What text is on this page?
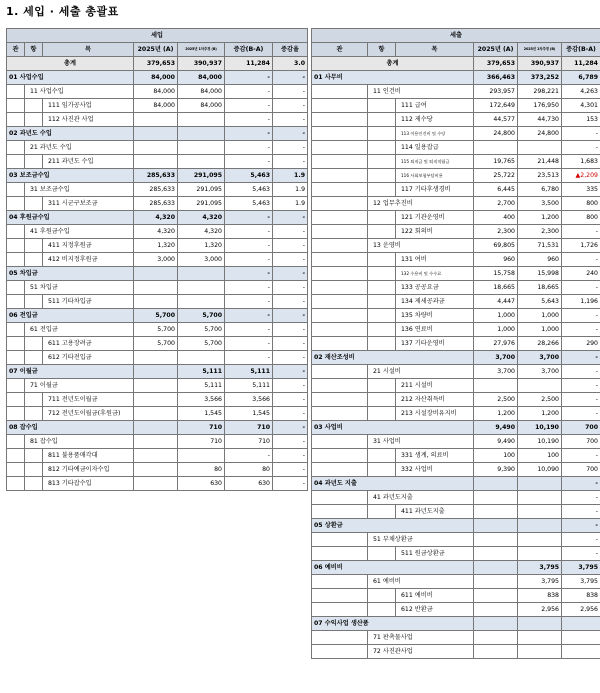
1. 세입 · 세출 총괄표
세입						
관	항	목	2025년 (A)	2025년 1차추경 (B)	증감(B-A)	증감율
총계			379,653	390,937	11,284	3.0
01 사업수입			84,000	84,000	-	-
	11 사업수입		84,000	84,000	-	-
		111 임가공사업	84,000	84,000	-	-
		112 사진관 사업			-	-
02 과년도 수입					-	-
	21 과년도 수입				-	-
		211 과년도 수입			-	-
03 보조금수입			285,633	291,095	5,463	1.9
	31 보조금수입		285,633	291,095	5,463	1.9
		311 시군구보조금	285,633	291,095	5,463	1.9
04 후원금수입			4,320	4,320	-	-
	41 후원금수입		4,320	4,320	-	-
		411 지정후원금	1,320	1,320	-	-
		412 비지정후원금	3,000	3,000	-	-
05 차입금					-	-
	51 차입금				-	-
		511 기타차입금			-	-
06 전입금			5,700	5,700	-	-
	61 전입금		5,700	5,700	-	-
		611 고용장려금	5,700	5,700	-	-
		612 기타전입금			-	-
07 이월금				5,111	5,111	-
	71 이월금			5,111	5,111	-
		711 전년도이월금		3,566	3,566	-
		712 전년도이월금(후원금)		1,545	1,545	-
08 잡수입				710	710	-
	81 잡수입			710	710	-
		811 불용품매각대			-	-
		812 기타예금이자수입		80	80	-
		813 기타잡수입		630	630	-
세출					
관	항	목	2025년 (A)	2025년 1차추경 (B)	증감(B-A)
총계			379,653	390,937	11,284
01 사무비			366,463	373,252	6,789
	11 인건비		293,957	298,221	4,263
		111 급여	172,649	176,950	4,301
		112 제수당	44,577	44,730	153
		113 이용인건비 및 수당	24,800	24,800	-
		114 일용잡급			-
		115 퇴직금 및 퇴직적립금	19,765	21,448	1,683
		116 사회보험부담비용	25,722	23,513	▲2,209
		117 기타후생경비	6,445	6,780	335
	12 업무추진비		2,700	3,500	800
		121 기관운영비	400	1,200	800
		122 회의비	2,300	2,300	-
	13 운영비		69,805	71,531	1,726
		131 여비	960	960	-
		132 수용비 및 수수료	15,758	15,998	240
		133 공공요금	18,665	18,665	-
		134 제세공과금	4,447	5,643	1,196
		135 차량비	1,000	1,000	-
		136 연료비	1,000	1,000	-
		137 기타운영비	27,976	28,266	290
02 재산조성비			3,700	3,700	-
	21 시설비		3,700	3,700	-
		211 시설비			-
		212 자산취득비	2,500	2,500	-
		213 시설장비유지비	1,200	1,200	-
03 사업비			9,490	10,190	700
	31 사업비		9,490	10,190	700
		331 생계, 의료비	100	100	-
		332 사업비	9,390	10,090	700
04 과년도 지출					-
	41 과년도지출				-
		411 과년도지출			-
05 상환금					-
	51 부채상환금				-
		511 원금상환금			-
06 예비비				3,795	3,795
	61 예비비			3,795	3,795
		611 예비비		838	838
		612 반환금		2,956	2,956
07 수익사업 생산품					
	71 판촉물사업				
	72 사진관사업				
